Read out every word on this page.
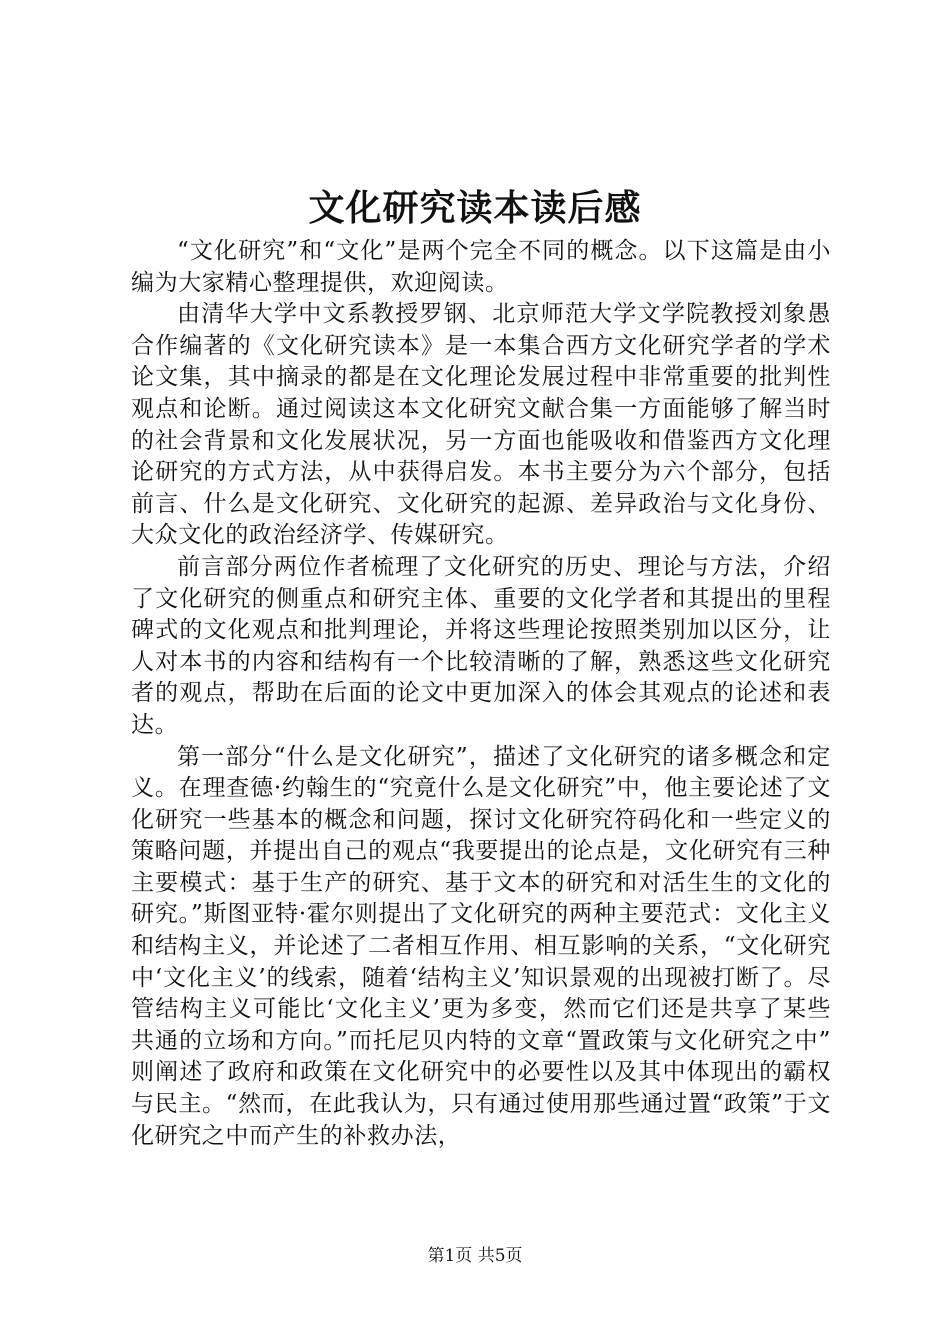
文化研究读本读后感

“文化研究”和“文化”是两个完全不同的概念。以下这篇是由小编为大家精心整理提供，欢迎阅读。

由清华大学中文系教授罗钢、北京师范大学文学院教授刘象愚合作编著的《文化研究读本》是一本集合西方文化研究学者的学术论文集，其中摘录的都是在文化理论发展过程中非常重要的批判性观点和论断。通过阅读这本文化研究文献合集一方面能够了解当时的社会背景和文化发展状况，另一方面也能吸收和借鉴西方文化理论研究的方式方法，从中获得启发。本书主要分为六个部分，包括前言、什么是文化研究、文化研究的起源、差异政治与文化身份、大众文化的政治经济学、传媒研究。

前言部分两位作者梳理了文化研究的历史、理论与方法，介绍了文化研究的侧重点和研究主体、重要的文化学者和其提出的里程碑式的文化观点和批判理论，并将这些理论按照类别加以区分，让人对本书的内容和结构有一个比较清晰的了解，熟悉这些文化研究者的观点，帮助在后面的论文中更加深入的体会其观点的论述和表达。

第一部分“什么是文化研究”，描述了文化研究的诸多概念和定义。在理查德·约翰生的“究竟什么是文化研究”中，他主要论述了文化研究一些基本的概念和问题，探讨文化研究符码化和一些定义的策略问题，并提出自己的观点“我要提出的论点是，文化研究有三种主要模式：基于生产的研究、基于文本的研究和对活生生的文化的研究。”斯图亚特·霍尔则提出了文化研究的两种主要范式：文化主义和结构主义，并论述了二者相互作用、相互影响的关系，“文化研究中‘文化主义’的线索，随着‘结构主义’知识景观的出现被打断了。尽管结构主义可能比‘文化主义’更为多变，然而它们还是共享了某些共通的立场和方向。”而托尼贝内特的文章“置政策与文化研究之中”则阐述了政府和政策在文化研究中的必要性以及其中体现出的霸权与民主。“然而，在此我认为，只有通过使用那些通过置“政策”于文化研究之中而产生的补救办法，

第1页 共5页
